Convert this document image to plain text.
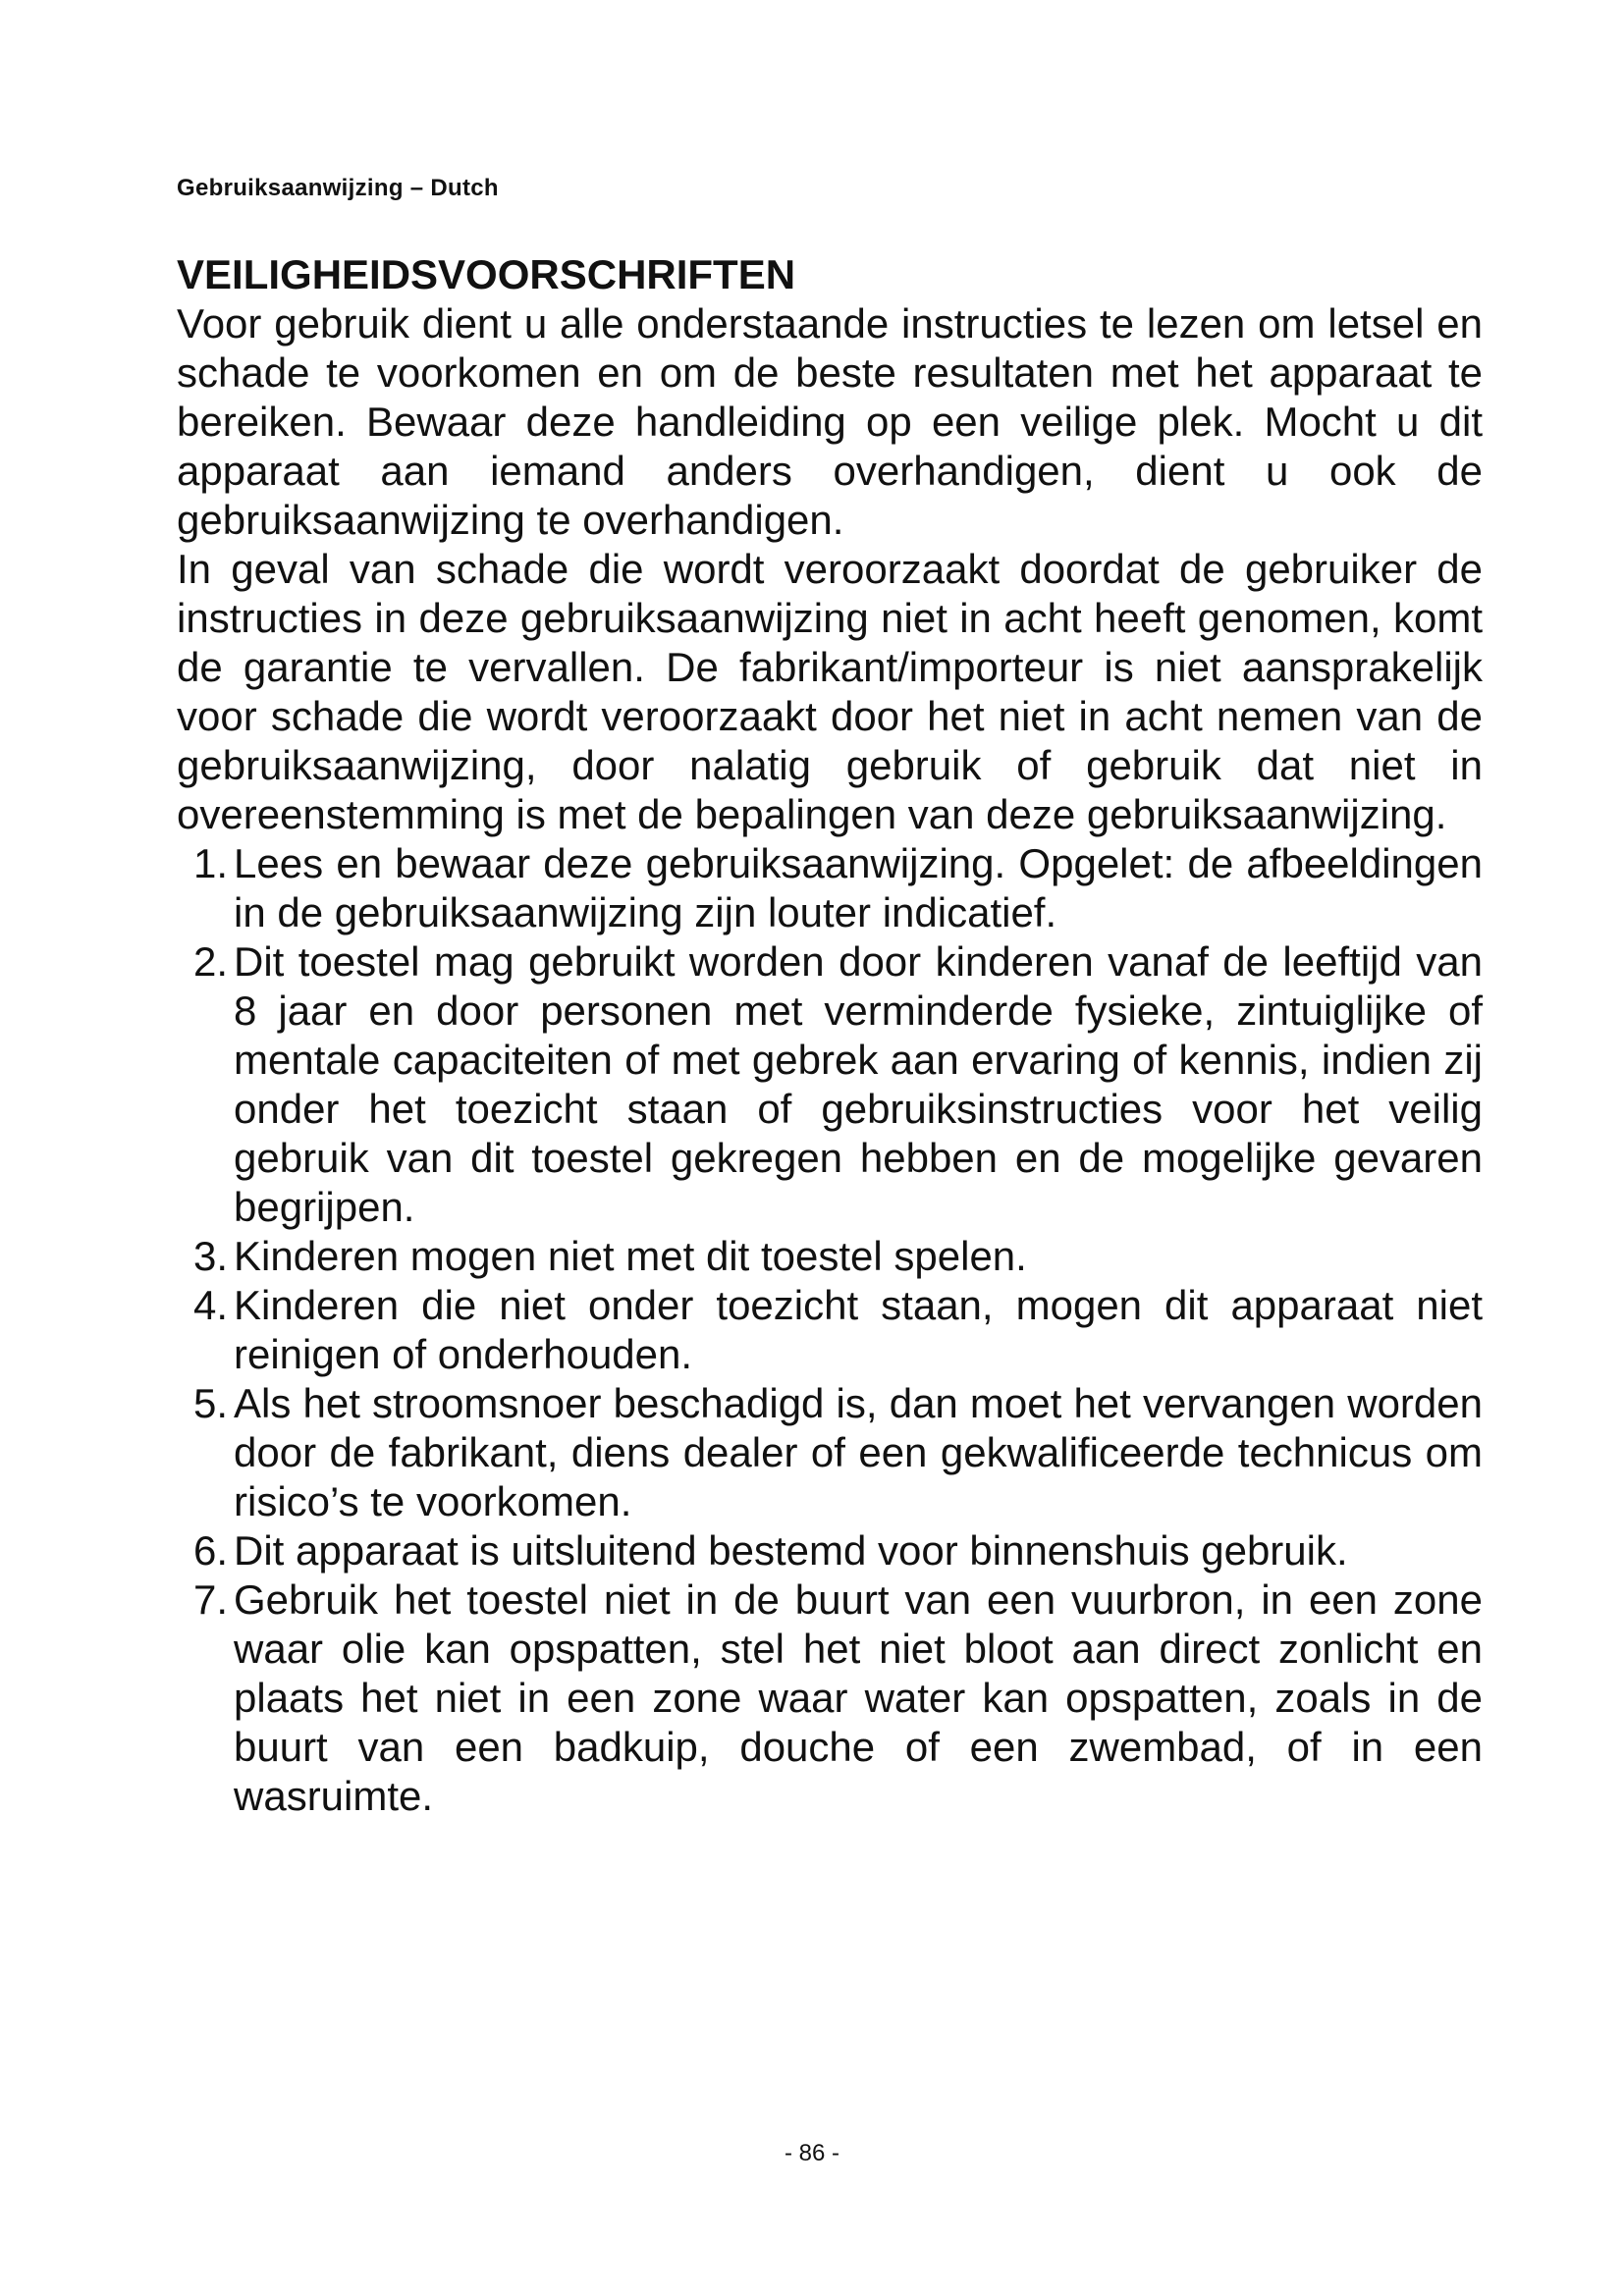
Gebruiksaanwijzing – Dutch
VEILIGHEIDSVOORSCHRIFTEN

Voor gebruik dient u alle onderstaande instructies te lezen om letsel en schade te voorkomen en om de beste resultaten met het apparaat te bereiken. Bewaar deze handleiding op een veilige plek. Mocht u dit apparaat aan iemand anders overhandigen, dient u ook de gebruiksaanwijzing te overhandigen.

In geval van schade die wordt veroorzaakt doordat de gebruiker de instructies in deze gebruiksaanwijzing niet in acht heeft genomen, komt de garantie te vervallen. De fabrikant/importeur is niet aansprakelijk voor schade die wordt veroorzaakt door het niet in acht nemen van de gebruiksaanwijzing, door nalatig gebruik of gebruik dat niet in overeenstemming is met de bepalingen van deze gebruiksaanwijzing.

1. Lees en bewaar deze gebruiksaanwijzing. Opgelet: de afbeeldingen in de gebruiksaanwijzing zijn louter indicatief.
2. Dit toestel mag gebruikt worden door kinderen vanaf de leeftijd van 8 jaar en door personen met verminderde fysieke, zintuiglijke of mentale capaciteiten of met gebrek aan ervaring of kennis, indien zij onder het toezicht staan of gebruiksinstructies voor het veilig gebruik van dit toestel gekregen hebben en de mogelijke gevaren begrijpen.
3. Kinderen mogen niet met dit toestel spelen.
4. Kinderen die niet onder toezicht staan, mogen dit apparaat niet reinigen of onderhouden.
5. Als het stroomsnoer beschadigd is, dan moet het vervangen worden door de fabrikant, diens dealer of een gekwalificeerde technicus om risico’s te voorkomen.
6. Dit apparaat is uitsluitend bestemd voor binnenshuis gebruik.
7. Gebruik het toestel niet in de buurt van een vuurbron, in een zone waar olie kan opspatten, stel het niet bloot aan direct zonlicht en plaats het niet in een zone waar water kan opspatten, zoals in de buurt van een badkuip, douche of een zwembad, of in een wasruimte.
- 86 -
